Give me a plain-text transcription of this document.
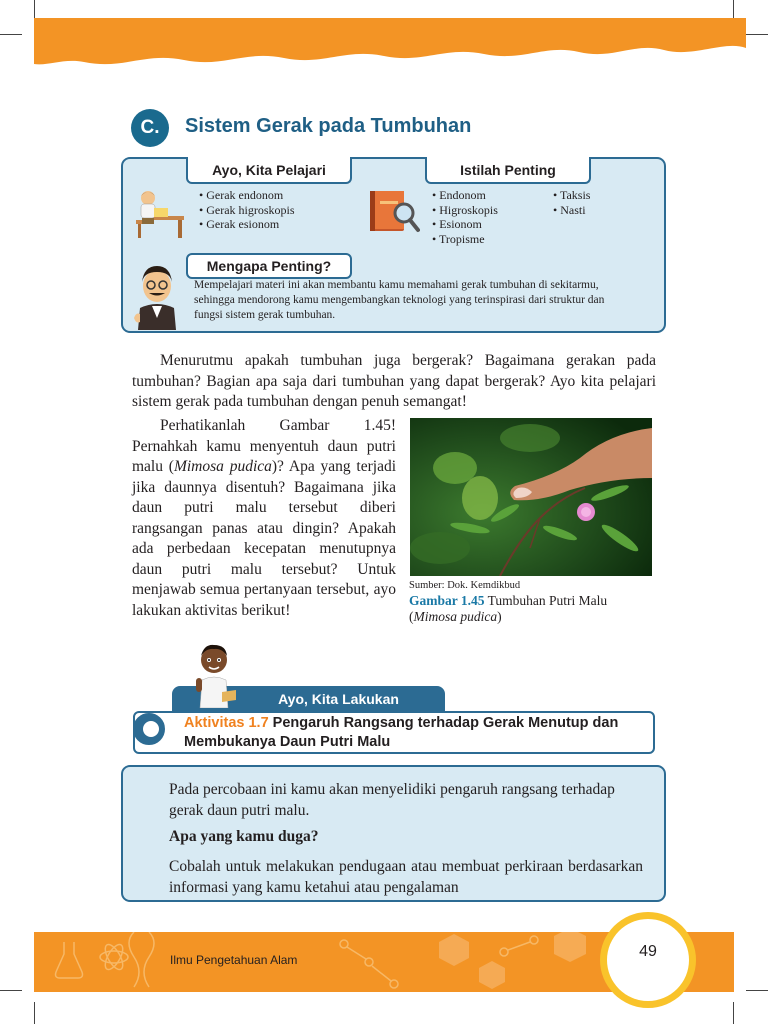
C.	Sistem Gerak pada Tumbuhan
Ayo, Kita Pelajari	Istilah Penting
• Gerak endonom
• Gerak higroskopis
• Gerak esionom
• Endonom
• Higroskopis
• Esionom
• Tropisme
• Taksis
• Nasti
Mengapa Penting?
Mempelajari materi ini akan membantu kamu memahami gerak tumbuhan di sekitarmu, sehingga mendorong kamu mengembangkan teknologi yang terinspirasi dari struktur dan fungsi sistem gerak tumbuhan.
Menurutmu apakah tumbuhan juga bergerak? Bagaimana gerakan pada tumbuhan? Bagian apa saja dari tumbuhan yang dapat bergerak? Ayo kita pelajari sistem gerak pada tumbuhan dengan penuh semangat!
Perhatikanlah Gambar 1.45! Pernahkah kamu menyentuh daun putri malu (Mimosa pudica)? Apa yang terjadi jika daunnya disentuh? Bagaimana jika daun putri malu tersebut diberi rangsangan panas atau dingin? Apakah ada perbedaan kecepatan menutupnya daun putri malu tersebut? Untuk menjawab semua pertanyaan tersebut, ayo lakukan aktivitas berikut!
Sumber: Dok. Kemdikbud
Gambar 1.45 Tumbuhan Putri Malu
(Mimosa pudica)
Ayo, Kita Lakukan
Aktivitas 1.7 Pengaruh Rangsang terhadap Gerak Menutup dan Membukanya Daun Putri Malu
Pada percobaan ini kamu akan menyelidiki pengaruh rangsang terhadap gerak daun putri malu.
Apa yang kamu duga?
Cobalah untuk melakukan pendugaan atau membuat perkiraan berdasarkan informasi yang kamu ketahui atau pengalaman
Ilmu Pengetahuan Alam	49
